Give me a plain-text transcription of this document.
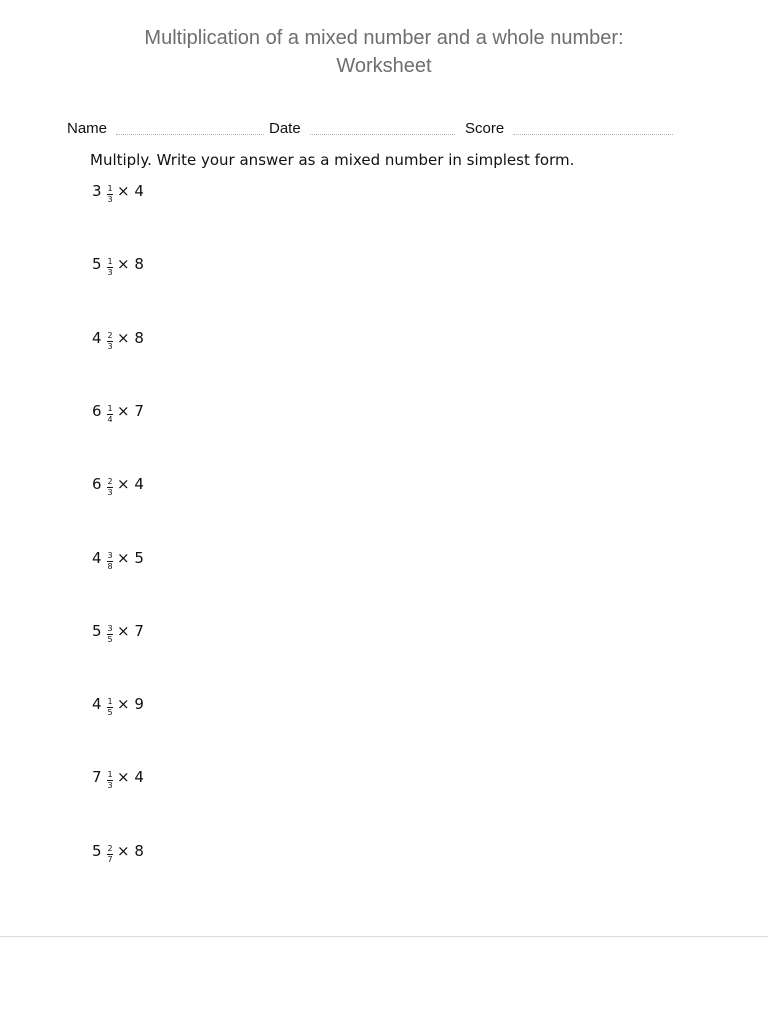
Multiplication of a mixed number and a whole number:
Worksheet
Name	Date	Score
Multiply. Write your answer as a mixed number in simplest form.
3 1
3 × 4
5 1
3 × 8
4 2
3 × 8
6 1
4 × 7
6 2
3 × 4
4 3
8 × 5
5 3
5 × 7
4 1
5 × 9
7 1
3 × 4
5 2
7 × 8
